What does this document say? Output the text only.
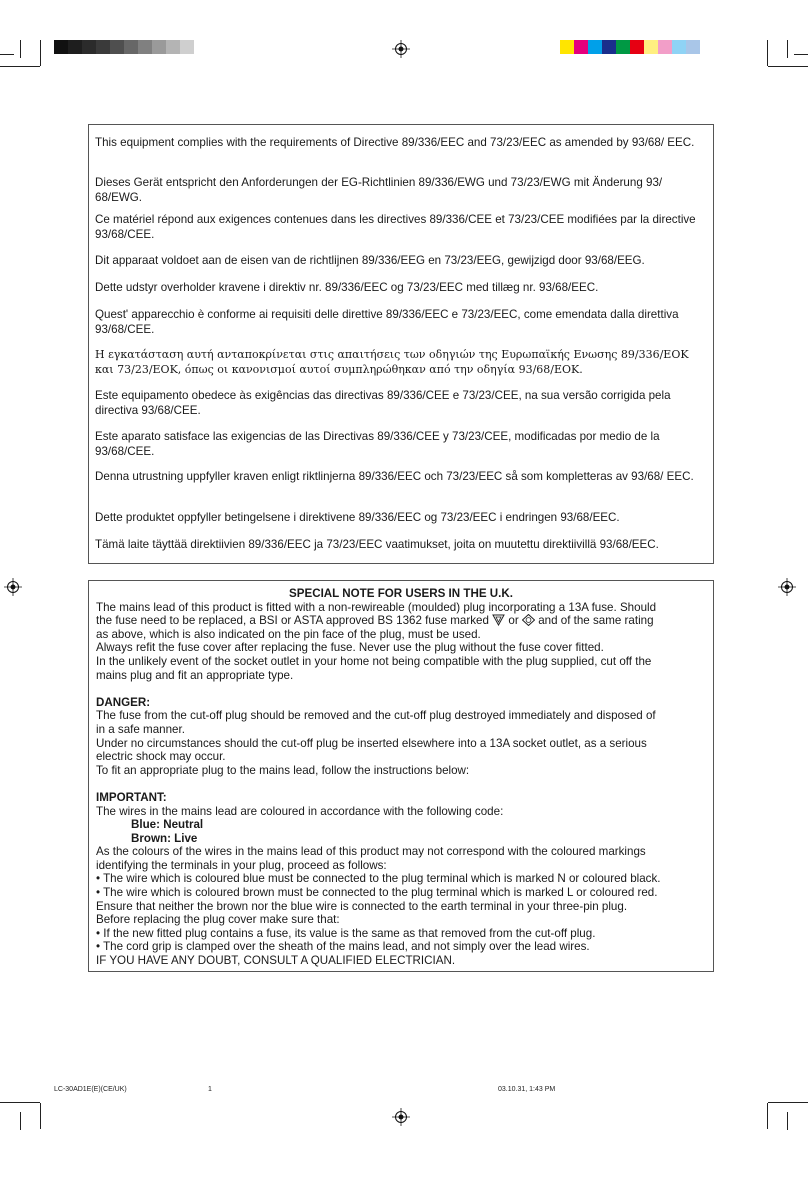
This equipment complies with the requirements of Directive 89/336/EEC and 73/23/EEC as amended by 93/68/ EEC.

Dieses Gerät entspricht den Anforderungen der EG-Richtlinien 89/336/EWG und 73/23/EWG mit Änderung 93/ 68/EWG.

Ce matériel répond aux exigences contenues dans les directives 89/336/CEE et 73/23/CEE modifiées par la directive 93/68/CEE.

Dit apparaat voldoet aan de eisen van de richtlijnen 89/336/EEG en 73/23/EEG, gewijzigd door 93/68/EEG.

Dette udstyr overholder kravene i direktiv nr. 89/336/EEC og 73/23/EEC med tillæg nr. 93/68/EEC.

Quest' apparecchio è conforme ai requisiti delle direttive 89/336/EEC e 73/23/EEC, come emendata dalla direttiva 93/68/CEE.

Η εγκατάσταση αυτή ανταποκρίνεται στις απαιτήσεις των οδηγιών της Ευρωπαϊκής Ενωσης 89/336/ΕΟΚ και 73/23/ΕΟΚ, όπως οι κανονισμοί αυτοί συμπληρώθηκαν από την οδηγία 93/68/ΕΟΚ.

Este equipamento obedece às exigências das directivas 89/336/CEE e 73/23/CEE, na sua versão corrigida pela directiva 93/68/CEE.

Este aparato satisface las exigencias de las Directivas 89/336/CEE y 73/23/CEE, modificadas por medio de la 93/68/CEE.

Denna utrustning uppfyller kraven enligt riktlinjerna 89/336/EEC och 73/23/EEC så som kompletteras av 93/68/ EEC.

Dette produktet oppfyller betingelsene i direktivene 89/336/EEC og 73/23/EEC i endringen 93/68/EEC.

Tämä laite täyttää direktiivien 89/336/EEC ja 73/23/EEC vaatimukset, joita on muutettu direktiivillä 93/68/EEC.

SPECIAL NOTE FOR USERS IN THE U.K.
The mains lead of this product is fitted with a non-rewireable (moulded) plug incorporating a 13A fuse. Should
the fuse need to be replaced, a BSI or ASTA approved BS 1362 fuse marked or and of the same rating
as above, which is also indicated on the pin face of the plug, must be used.
Always refit the fuse cover after replacing the fuse. Never use the plug without the fuse cover fitted.
In the unlikely event of the socket outlet in your home not being compatible with the plug supplied, cut off the
mains plug and fit an appropriate type.
DANGER:
The fuse from the cut-off plug should be removed and the cut-off plug destroyed immediately and disposed of
in a safe manner.
Under no circumstances should the cut-off plug be inserted elsewhere into a 13A socket outlet, as a serious
electric shock may occur.
To fit an appropriate plug to the mains lead, follow the instructions below:
IMPORTANT:
The wires in the mains lead are coloured in accordance with the following code:
Blue: Neutral
Brown: Live
As the colours of the wires in the mains lead of this product may not correspond with the coloured markings
identifying the terminals in your plug, proceed as follows:
• The wire which is coloured blue must be connected to the plug terminal which is marked N or coloured black.
• The wire which is coloured brown must be connected to the plug terminal which is marked L or coloured red.
Ensure that neither the brown nor the blue wire is connected to the earth terminal in your three-pin plug.
Before replacing the plug cover make sure that:
• If the new fitted plug contains a fuse, its value is the same as that removed from the cut-off plug.
• The cord grip is clamped over the sheath of the mains lead, and not simply over the lead wires.
IF YOU HAVE ANY DOUBT, CONSULT A QUALIFIED ELECTRICIAN.
LC-30AD1E(E)(CE/UK)	1	03.10.31, 1:43 PM
